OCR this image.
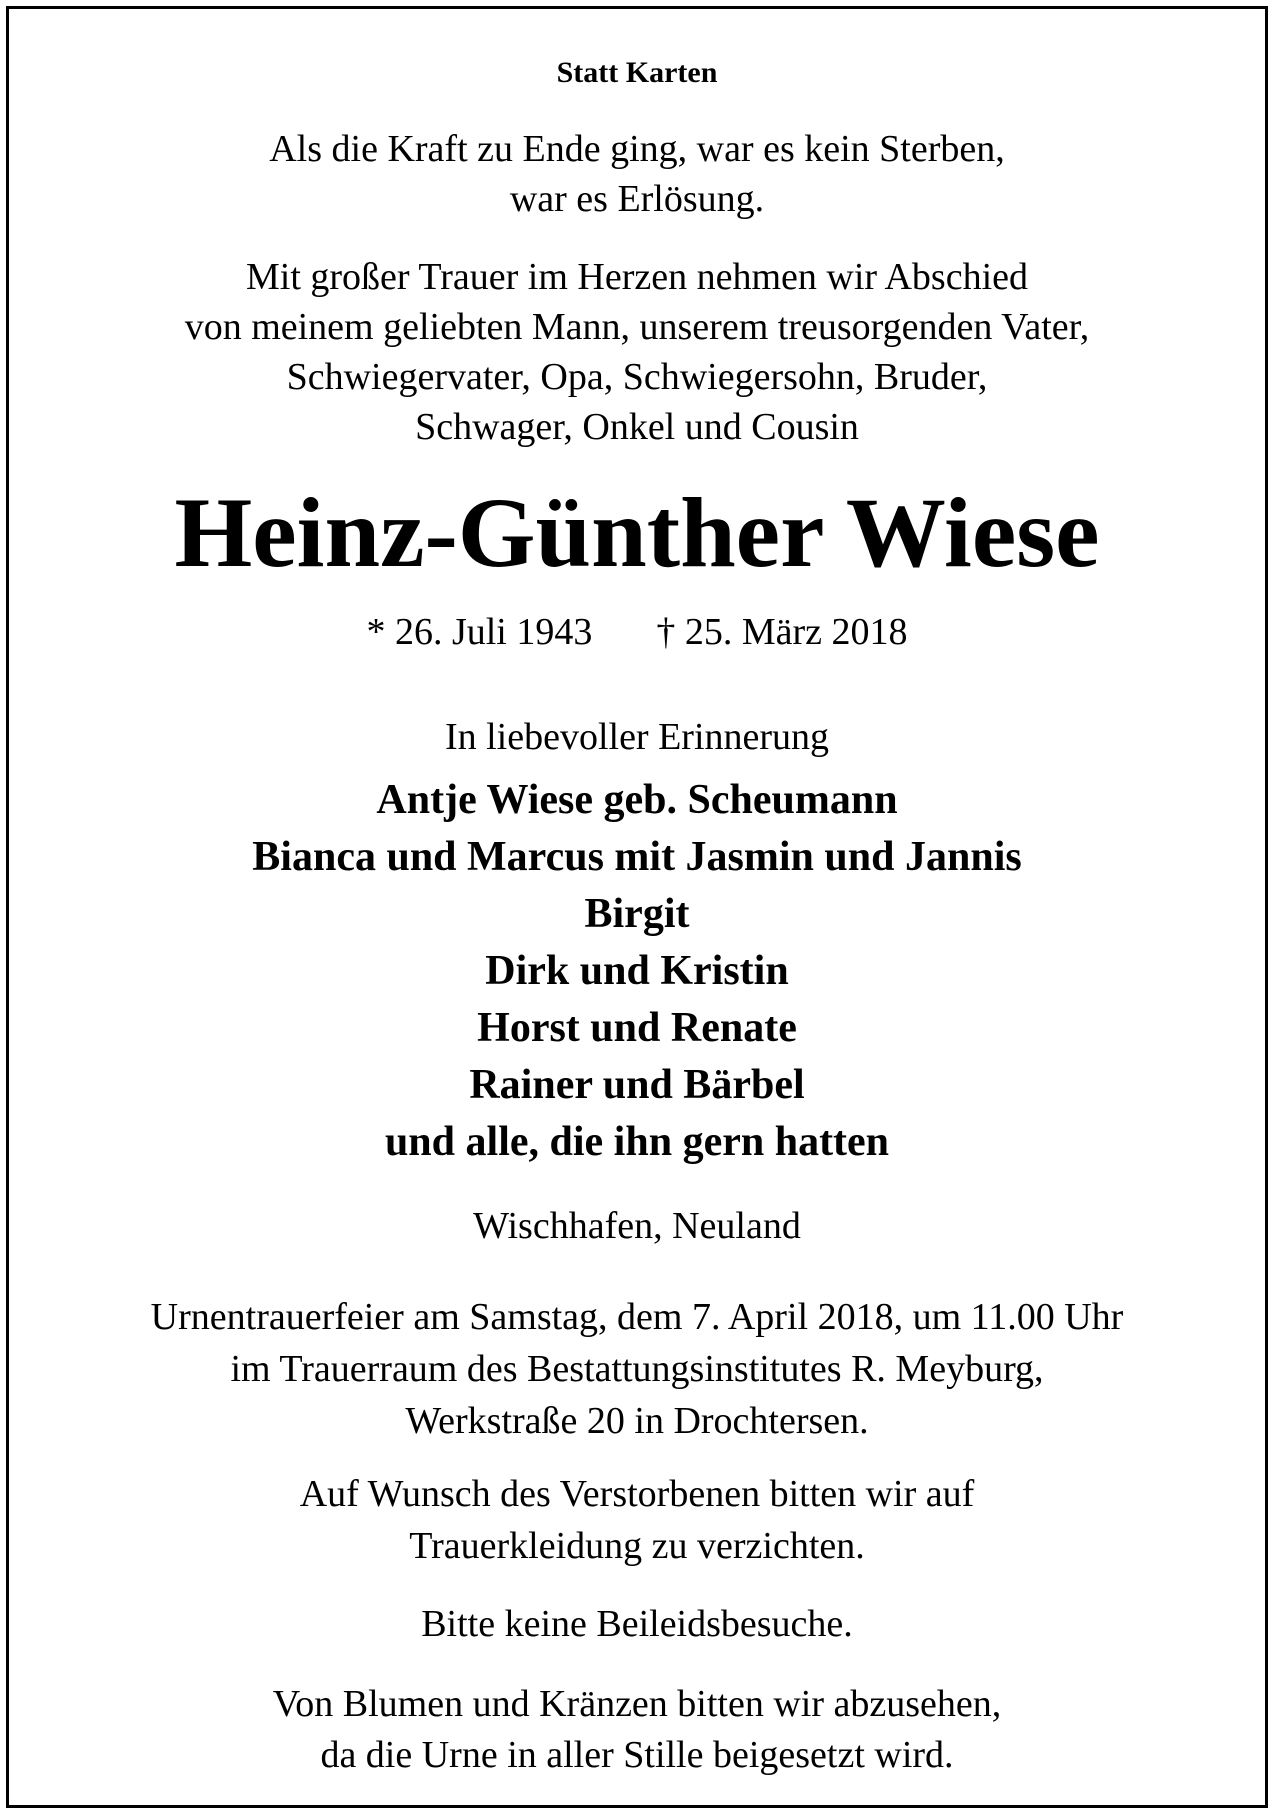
Statt Karten
Als die Kraft zu Ende ging, war es kein Sterben,
war es Erlösung.
Mit großer Trauer im Herzen nehmen wir Abschied
von meinem geliebten Mann, unserem treusorgenden Vater,
Schwiegervater, Opa, Schwiegersohn, Bruder,
Schwager, Onkel und Cousin
Heinz-Günther Wiese
* 26. Juli 1943 † 25. März 2018
In liebevoller Erinnerung
Antje Wiese geb. Scheumann
Bianca und Marcus mit Jasmin und Jannis
Birgit
Dirk und Kristin
Horst und Renate
Rainer und Bärbel
und alle, die ihn gern hatten
Wischhafen, Neuland
Urnentrauerfeier am Samstag, dem 7. April 2018, um 11.00 Uhr
im Trauerraum des Bestattungsinstitutes R. Meyburg,
Werkstraße 20 in Drochtersen.
Auf Wunsch des Verstorbenen bitten wir auf
Trauerkleidung zu verzichten.
Bitte keine Beileidsbesuche.
Von Blumen und Kränzen bitten wir abzusehen,
da die Urne in aller Stille beigesetzt wird.
